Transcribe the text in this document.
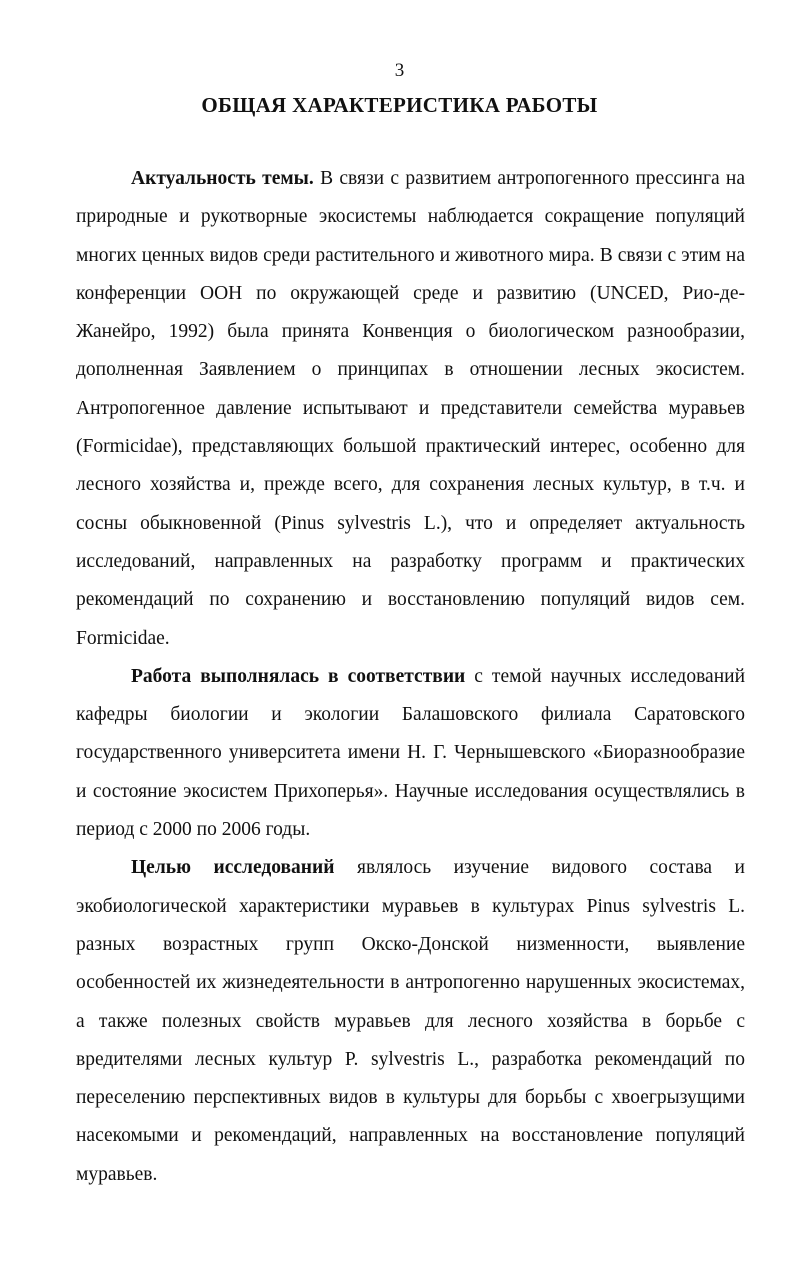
3
ОБЩАЯ ХАРАКТЕРИСТИКА РАБОТЫ

Актуальность темы. В связи с развитием антропогенного прессинга на природные и рукотворные экосистемы наблюдается сокращение популяций многих ценных видов среди растительного и животного мира. В связи с этим на конференции ООН по окружающей среде и развитию (UNCED, Рио-де-Жанейро, 1992) была принята Конвенция о биологическом разнообразии, дополненная Заявлением о принципах в отношении лесных экосистем. Антропогенное давление испытывают и представители семейства муравьев (Formicidae), представляющих большой практический интерес, особенно для лесного хозяйства и, прежде всего, для сохранения лесных культур, в т.ч. и сосны обыкновенной (Pinus sylvestris L.), что и определяет актуальность исследований, направленных на разработку программ и практических рекомендаций по сохранению и восстановлению популяций видов сем. Formicidae.

Работа выполнялась в соответствии с темой научных исследований кафедры биологии и экологии Балашовского филиала Саратовского государственного университета имени Н. Г. Чернышевского «Биоразнообразие и состояние экосистем Прихоперья». Научные исследования осуществлялись в период с 2000 по 2006 годы.

Целью исследований являлось изучение видового состава и экобиологической характеристики муравьев в культурах Pinus sylvestris L. разных возрастных групп Окско-Донской низменности, выявление особенностей их жизнедеятельности в антропогенно нарушенных экосистемах, а также полезных свойств муравьев для лесного хозяйства в борьбе с вредителями лесных культур P. sylvestris L., разработка рекомендаций по переселению перспективных видов в культуры для борьбы с хвоегрызущими насекомыми и рекомендаций, направленных на восстановление популяций муравьев.
